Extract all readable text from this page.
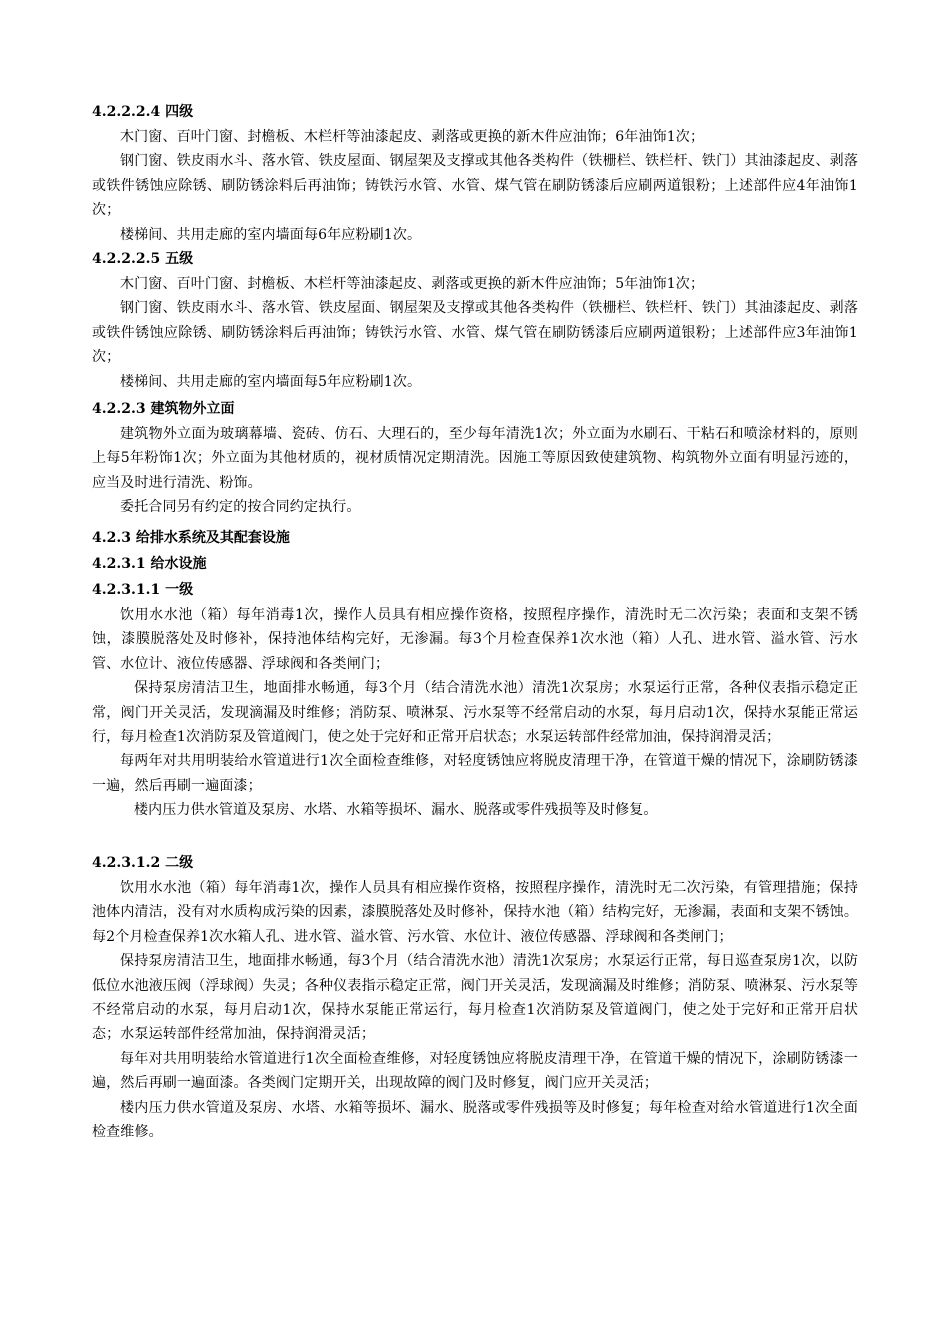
4.2.2.2.4 四级

木门窗、百叶门窗、封檐板、木栏杆等油漆起皮、剥落或更换的新木件应油饰；6年油饰1次；

钢门窗、铁皮雨水斗、落水管、铁皮屋面、钢屋架及支撑或其他各类构件（铁栅栏、铁栏杆、铁门）其油漆起皮、剥落或铁件锈蚀应除锈、刷防锈涂料后再油饰；铸铁污水管、水管、煤气管在刷防锈漆后应刷两道银粉；上述部件应4年油饰1次；

楼梯间、共用走廊的室内墙面每6年应粉刷1次。

4.2.2.2.5 五级

木门窗、百叶门窗、封檐板、木栏杆等油漆起皮、剥落或更换的新木件应油饰；5年油饰1次；

钢门窗、铁皮雨水斗、落水管、铁皮屋面、钢屋架及支撑或其他各类构件（铁栅栏、铁栏杆、铁门）其油漆起皮、剥落或铁件锈蚀应除锈、刷防锈涂料后再油饰；铸铁污水管、水管、煤气管在刷防锈漆后应刷两道银粉；上述部件应3年油饰1次；

楼梯间、共用走廊的室内墙面每5年应粉刷1次。

4.2.2.3 建筑物外立面

建筑物外立面为玻璃幕墙、瓷砖、仿石、大理石的，至少每年清洗1次；外立面为水刷石、干粘石和喷涂材料的，原则上每5年粉饰1次；外立面为其他材质的，视材质情况定期清洗。因施工等原因致使建筑物、构筑物外立面有明显污迹的，应当及时进行清洗、粉饰。

委托合同另有约定的按合同约定执行。

4.2.3 给排水系统及其配套设施

4.2.3.1 给水设施

4.2.3.1.1 一级

饮用水水池（箱）每年消毒1次，操作人员具有相应操作资格，按照程序操作，清洗时无二次污染；表面和支架不锈蚀，漆膜脱落处及时修补，保持池体结构完好，无渗漏。每3个月检查保养1次水池（箱）人孔、进水管、溢水管、污水管、水位计、液位传感器、浮球阀和各类闸门；

保持泵房清洁卫生，地面排水畅通，每3个月（结合清洗水池）清洗1次泵房；水泵运行正常，各种仪表指示稳定正常，阀门开关灵活，发现滴漏及时维修；消防泵、喷淋泵、污水泵等不经常启动的水泵，每月启动1次，保持水泵能正常运行，每月检查1次消防泵及管道阀门，使之处于完好和正常开启状态；水泵运转部件经常加油，保持润滑灵活；

每两年对共用明装给水管道进行1次全面检查维修，对轻度锈蚀应将脱皮清理干净，在管道干燥的情况下，涂刷防锈漆一遍，然后再刷一遍面漆；

楼内压力供水管道及泵房、水塔、水箱等损坏、漏水、脱落或零件残损等及时修复。

4.2.3.1.2 二级

饮用水水池（箱）每年消毒1次，操作人员具有相应操作资格，按照程序操作，清洗时无二次污染，有管理措施；保持池体内清洁，没有对水质构成污染的因素，漆膜脱落处及时修补，保持水池（箱）结构完好，无渗漏，表面和支架不锈蚀。每2个月检查保养1次水箱人孔、进水管、溢水管、污水管、水位计、液位传感器、浮球阀和各类闸门；

保持泵房清洁卫生，地面排水畅通，每3个月（结合清洗水池）清洗1次泵房；水泵运行正常，每日巡查泵房1次，以防低位水池液压阀（浮球阀）失灵；各种仪表指示稳定正常，阀门开关灵活，发现滴漏及时维修；消防泵、喷淋泵、污水泵等不经常启动的水泵，每月启动1次，保持水泵能正常运行，每月检查1次消防泵及管道阀门，使之处于完好和正常开启状态；水泵运转部件经常加油，保持润滑灵活；

每年对共用明装给水管道进行1次全面检查维修，对轻度锈蚀应将脱皮清理干净，在管道干燥的情况下，涂刷防锈漆一遍，然后再刷一遍面漆。各类阀门定期开关，出现故障的阀门及时修复，阀门应开关灵活；

楼内压力供水管道及泵房、水塔、水箱等损坏、漏水、脱落或零件残损等及时修复；每年检查对给水管道进行1次全面检查维修。
